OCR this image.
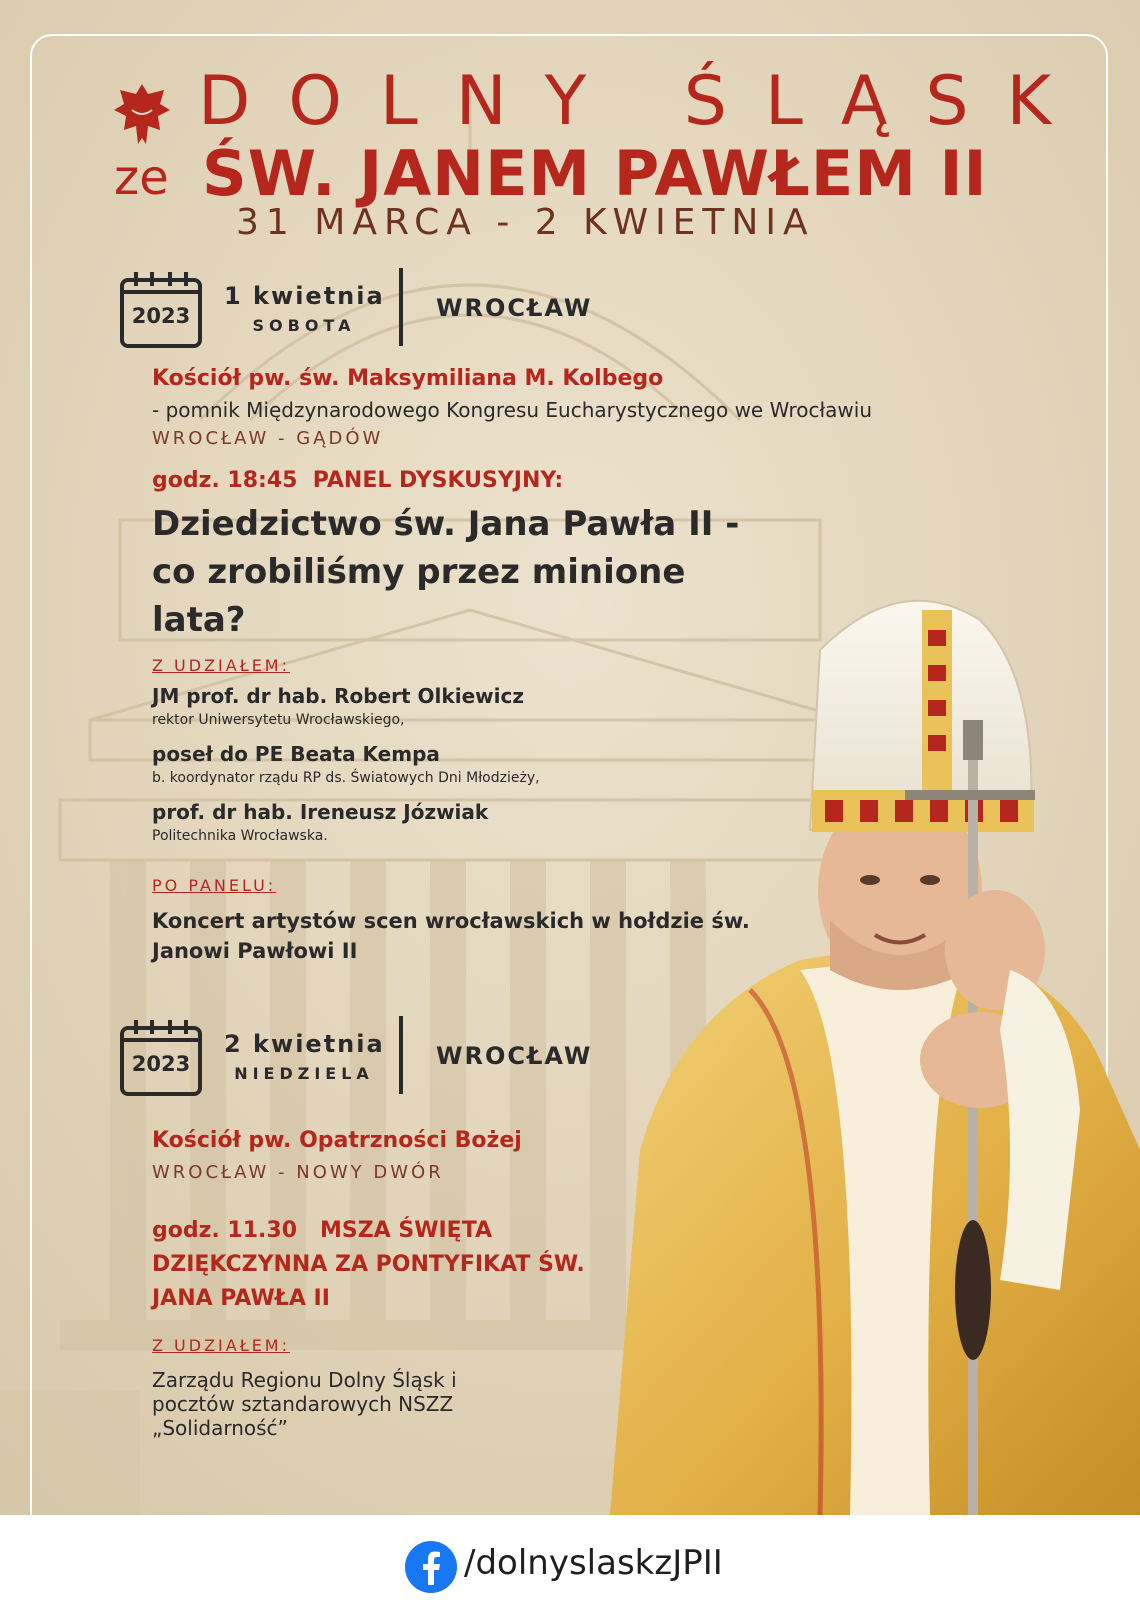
DOLNY ŚLĄSK
ze ŚW. JANEM PAWŁEM II
31 MARCA - 2 KWIETNIA
2023
1 kwietnia
SOBOTA
WROCŁAW
Kościół pw. św. Maksymiliana M. Kolbego
- pomnik Międzynarodowego Kongresu Eucharystycznego we Wrocławiu
WROCŁAW - GĄDÓW
godz. 18:45  PANEL DYSKUSYJNY:
Dziedzictwo św. Jana Pawła II - co zrobiliśmy przez minione lata?
Z UDZIAŁEM:
JM prof. dr hab. Robert Olkiewicz
rektor Uniwersytetu Wrocławskiego,
poseł do PE Beata Kempa
b. koordynator rządu RP ds. Światowych Dni Młodzieży,
prof. dr hab. Ireneusz Józwiak
Politechnika Wrocławska.
PO PANELU:
Koncert artystów scen wrocławskich w hołdzie św. Janowi Pawłowi II
2023
2 kwietnia
NIEDZIELA
WROCŁAW
Kościół pw. Opatrzności Bożej
WROCŁAW - NOWY DWÓR
godz. 11.30   MSZA ŚWIĘTA DZIĘKCZYNNA ZA PONTYFIKAT ŚW. JANA PAWŁA II
Z UDZIAŁEM:
Zarządu Regionu Dolny Śląsk i pocztów sztandarowych NSZZ „Solidarność”
/dolnyslaskzJPII
